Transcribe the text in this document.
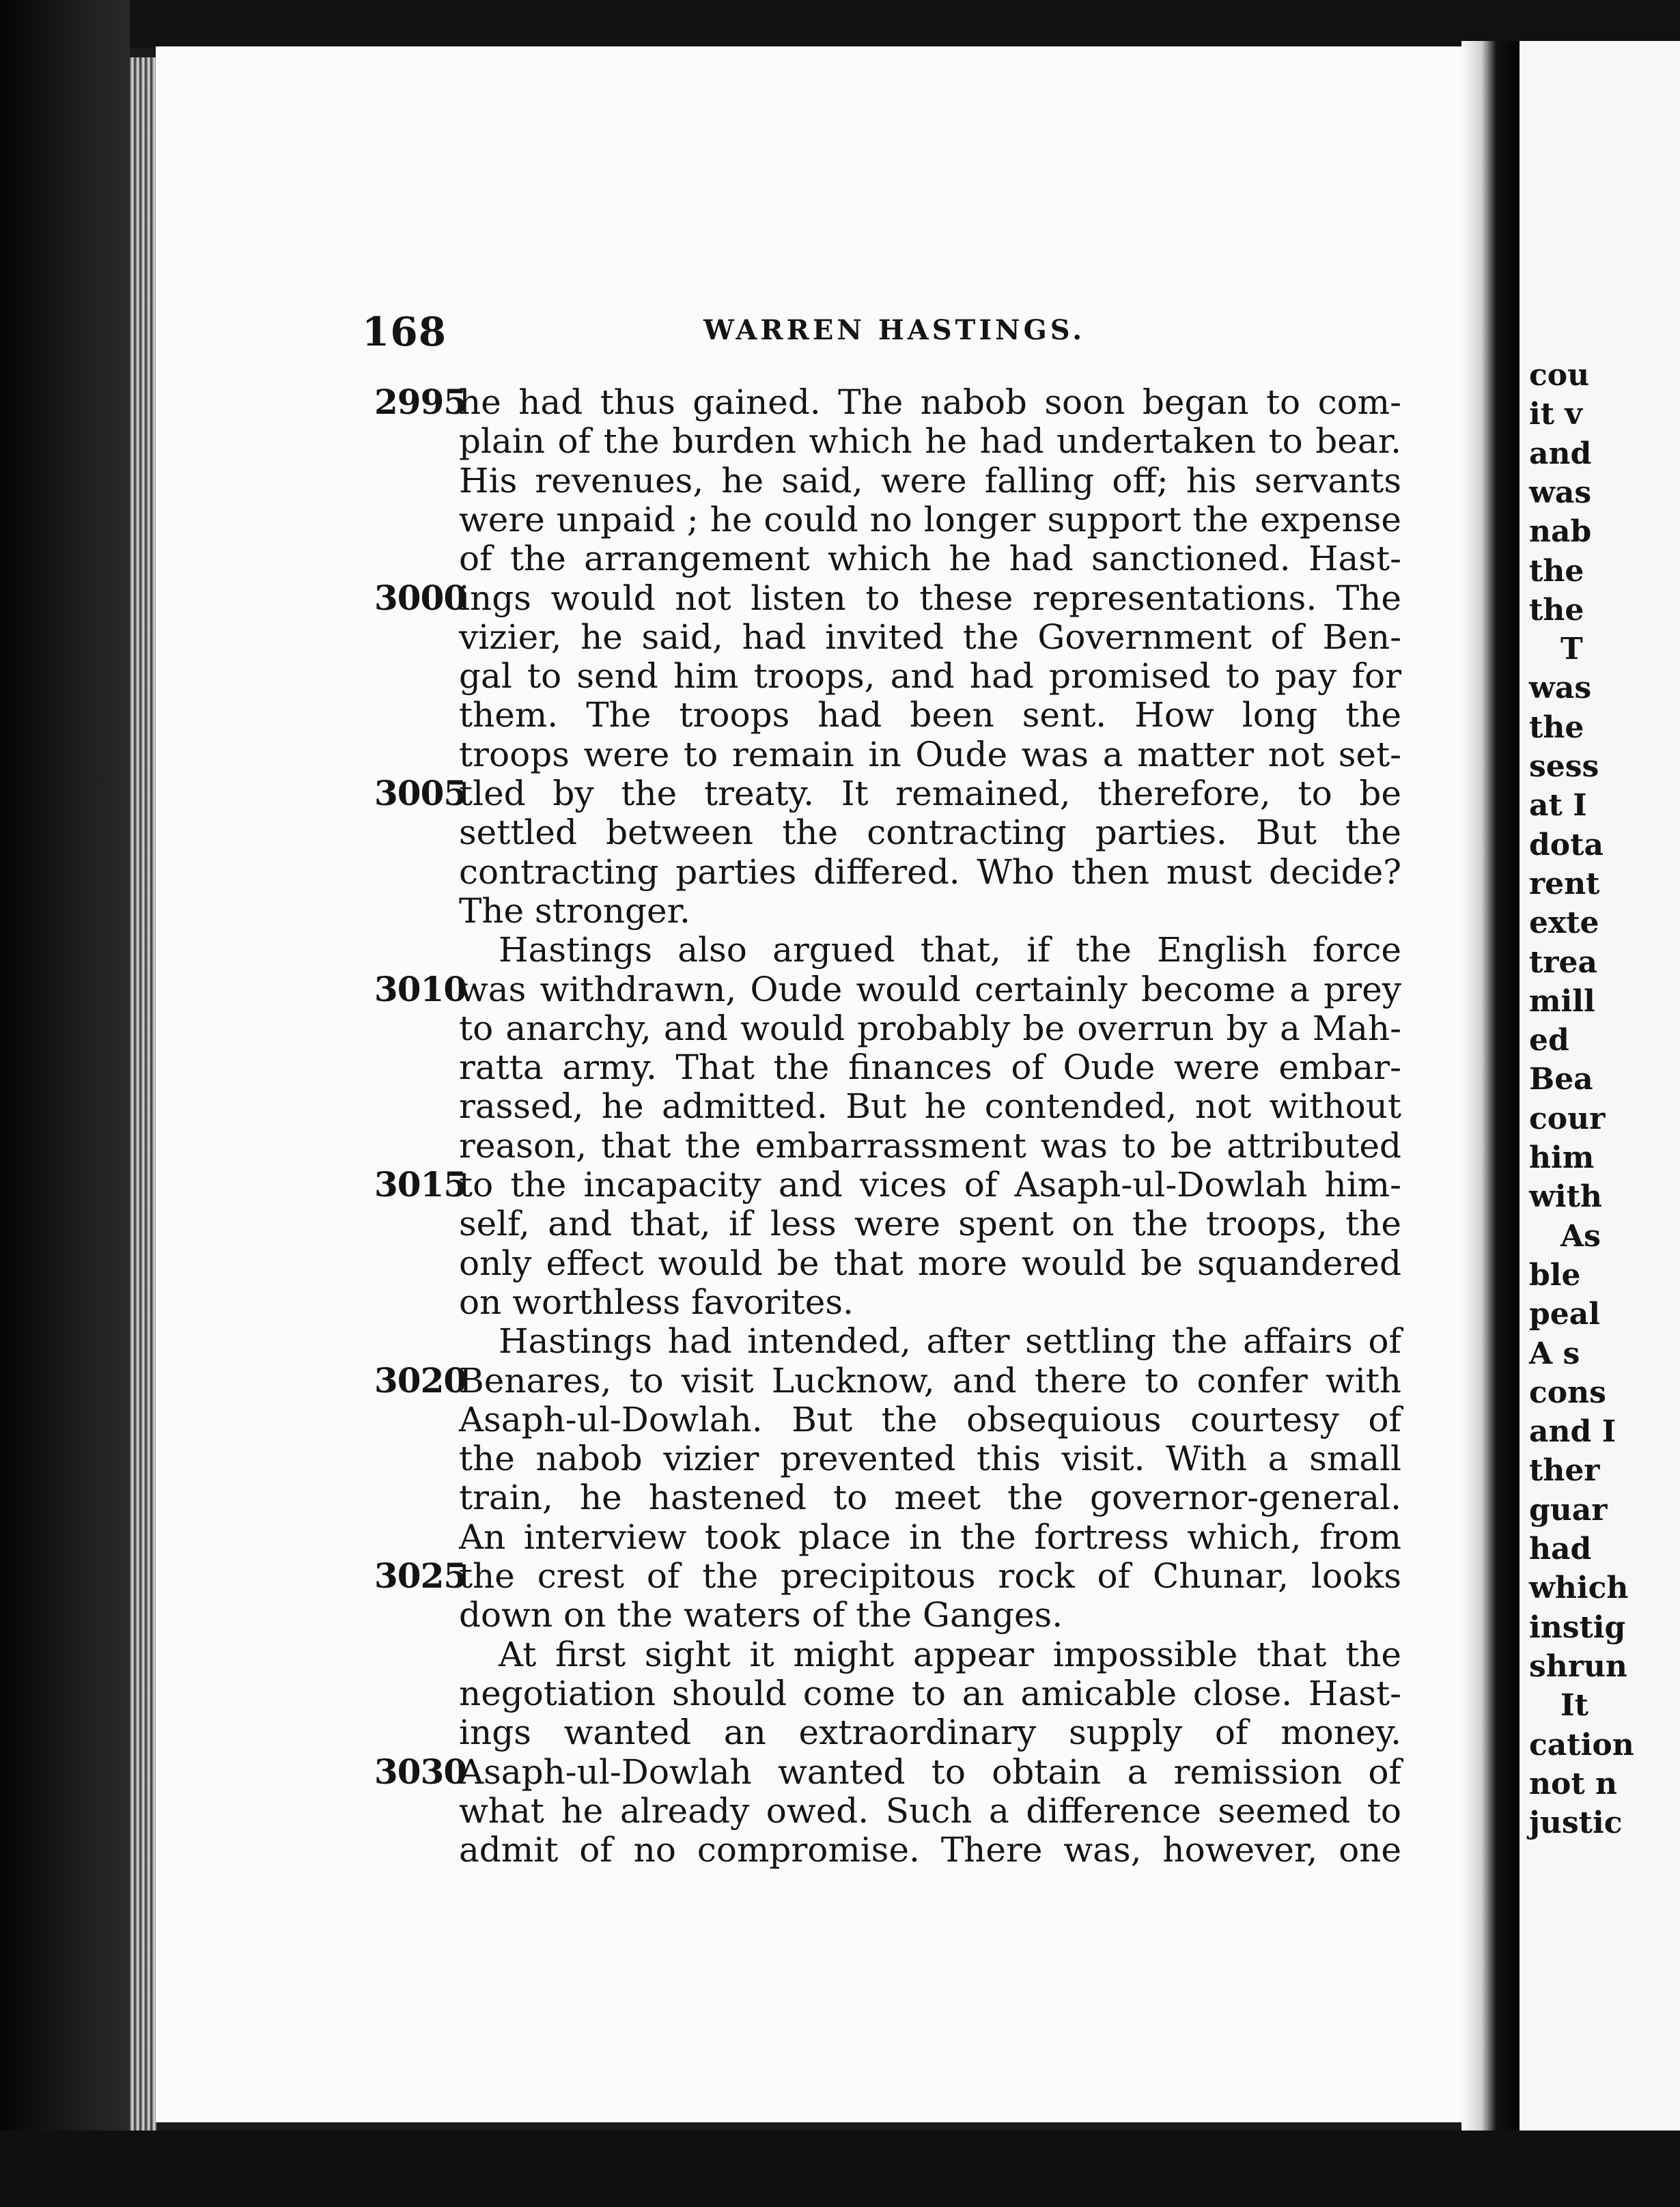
cou
it v
and
was
nab
the
the
T
was
the
sess
at I
dota
rent
exte
trea
mill
ed
Bea
cour
him
with
As
ble
peal
A s
cons
and I
ther
guar
had
which
instig
shrun
It
cation
not n
justic
168	WARREN HASTINGS.
he had thus gained. The nabob soon began to com-
2995
plain of the burden which he had undertaken to bear.
His revenues, he said, were falling off; his servants
were unpaid ; he could no longer support the expense
of the arrangement which he had sanctioned. Hast-
ings would not listen to these representations. The
3000
vizier, he said, had invited the Government of Ben-
gal to send him troops, and had promised to pay for
them. The troops had been sent. How long the
troops were to remain in Oude was a matter not set-
tled by the treaty. It remained, therefore, to be
3005
settled between the contracting parties. But the
contracting parties differed. Who then must decide?
The stronger.
Hastings also argued that, if the English force
was withdrawn, Oude would certainly become a prey
3010
to anarchy, and would probably be overrun by a Mah-
ratta army. That the finances of Oude were embar-
rassed, he admitted. But he contended, not without
reason, that the embarrassment was to be attributed
to the incapacity and vices of Asaph-ul-Dowlah him-
3015
self, and that, if less were spent on the troops, the
only effect would be that more would be squandered
on worthless favorites.
Hastings had intended, after settling the affairs of
Benares, to visit Lucknow, and there to confer with
3020
Asaph-ul-Dowlah. But the obsequious courtesy of
the nabob vizier prevented this visit. With a small
train, he hastened to meet the governor-general.
An interview took place in the fortress which, from
the crest of the precipitous rock of Chunar, looks
3025
down on the waters of the Ganges.
At first sight it might appear impossible that the
negotiation should come to an amicable close. Hast-
ings wanted an extraordinary supply of money.
Asaph-ul-Dowlah wanted to obtain a remission of
3030
what he already owed. Such a difference seemed to
admit of no compromise. There was, however, one
